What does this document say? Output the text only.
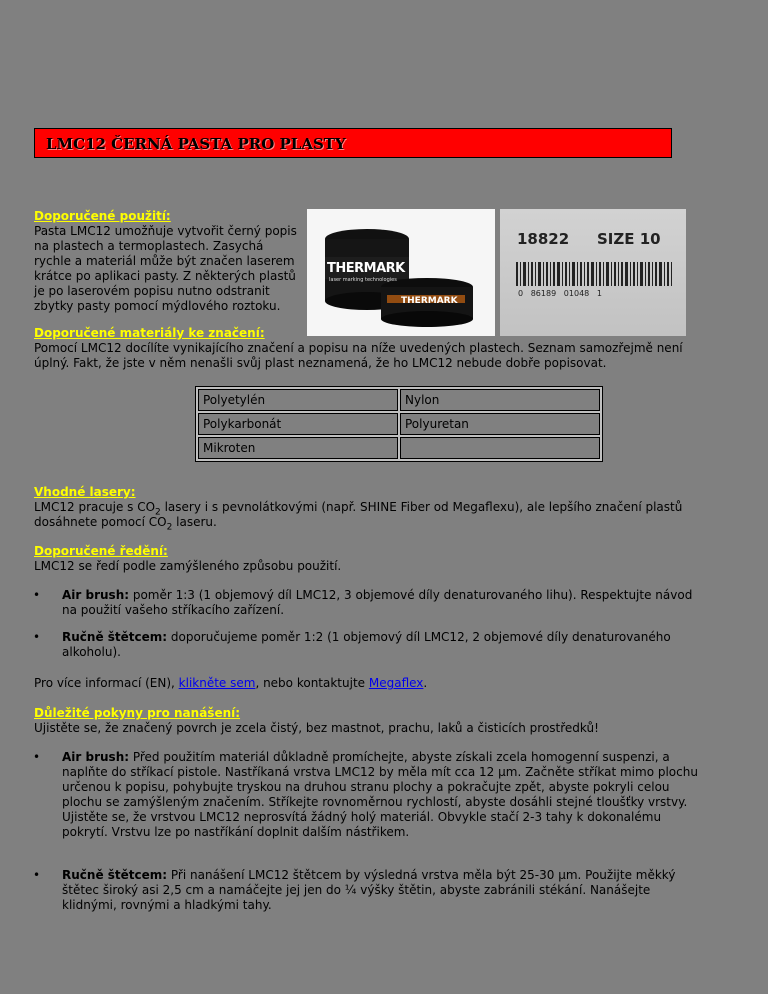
LMC12 ČERNÁ PASTA PRO PLASTY
Doporučené použití:

Pasta LMC12 umožňuje vytvořit černý popis na plastech a termoplastech. Zasychá rychle a materiál může být značen laserem krátce po aplikaci pasty. Z některých plastů je po laserovém popisu nutno odstranit zbytky pasty pomocí mýdlového roztoku.

THERMARK
laser marking technologies
THERMARK
18822 SIZE 10
0   86189   01048   1
Doporučené materiály ke značení:

Pomocí LMC12 docílíte vynikajícího značení a popisu na níže uvedených plastech. Seznam samozřejmě není úplný. Fakt, že jste v něm nenašli svůj plast neznamená, že ho LMC12 nebude dobře popisovat.

Polyetylén	Nylon
Polykarbonát	Polyuretan
Mikroten	
Vhodné lasery:

LMC12 pracuje s $CO_2$ lasery i s pevnolátkovými (např. SHINE Fiber od Megaflexu), ale lepšího značení plastů dosáhnete pomocí $CO_2$ laseru.

Doporučené ředění:

LMC12 se ředí podle zamýšleného způsobu použití.

• Air brush: poměr 1:3 (1 objemový díl LMC12, 3 objemové díly denaturovaného lihu). Respektujte návod na použití vašeho stříkacího zařízení.
• Ručně štětcem: doporučujeme poměr 1:2 (1 objemový díl LMC12, 2 objemové díly denaturovaného alkoholu).

Pro více informací (EN), klikněte sem, nebo kontaktujte Megaflex.

Důležité pokyny pro nanášení:

Ujistěte se, že značený povrch je zcela čistý, bez mastnot, prachu, laků a čisticích prostředků!

• Air brush: Před použitím materiál důkladně promíchejte, abyste získali zcela homogenní suspenzi, a naplňte do stříkací pistole. Nastříkaná vrstva LMC12 by měla mít cca 12 µm. Začněte stříkat mimo plochu určenou k popisu, pohybujte tryskou na druhou stranu plochy a pokračujte zpět, abyste pokryli celou plochu se zamýšleným značením. Stříkejte rovnoměrnou rychlostí, abyste dosáhli stejné tloušťky vrstvy. Ujistěte se, že vrstvou LMC12 neprosvítá žádný holý materiál. Obvykle stačí 2-3 tahy k dokonalému pokrytí. Vrstvu lze po nastříkání doplnit dalším nástřikem.
• Ručně štětcem: Při nanášení LMC12 štětcem by výsledná vrstva měla být 25-30 µm. Použijte měkký štětec široký asi 2,5 cm a namáčejte jej jen do ¼ výšky štětin, abyste zabránili stékání. Nanášejte klidnými, rovnými a hladkými tahy.
